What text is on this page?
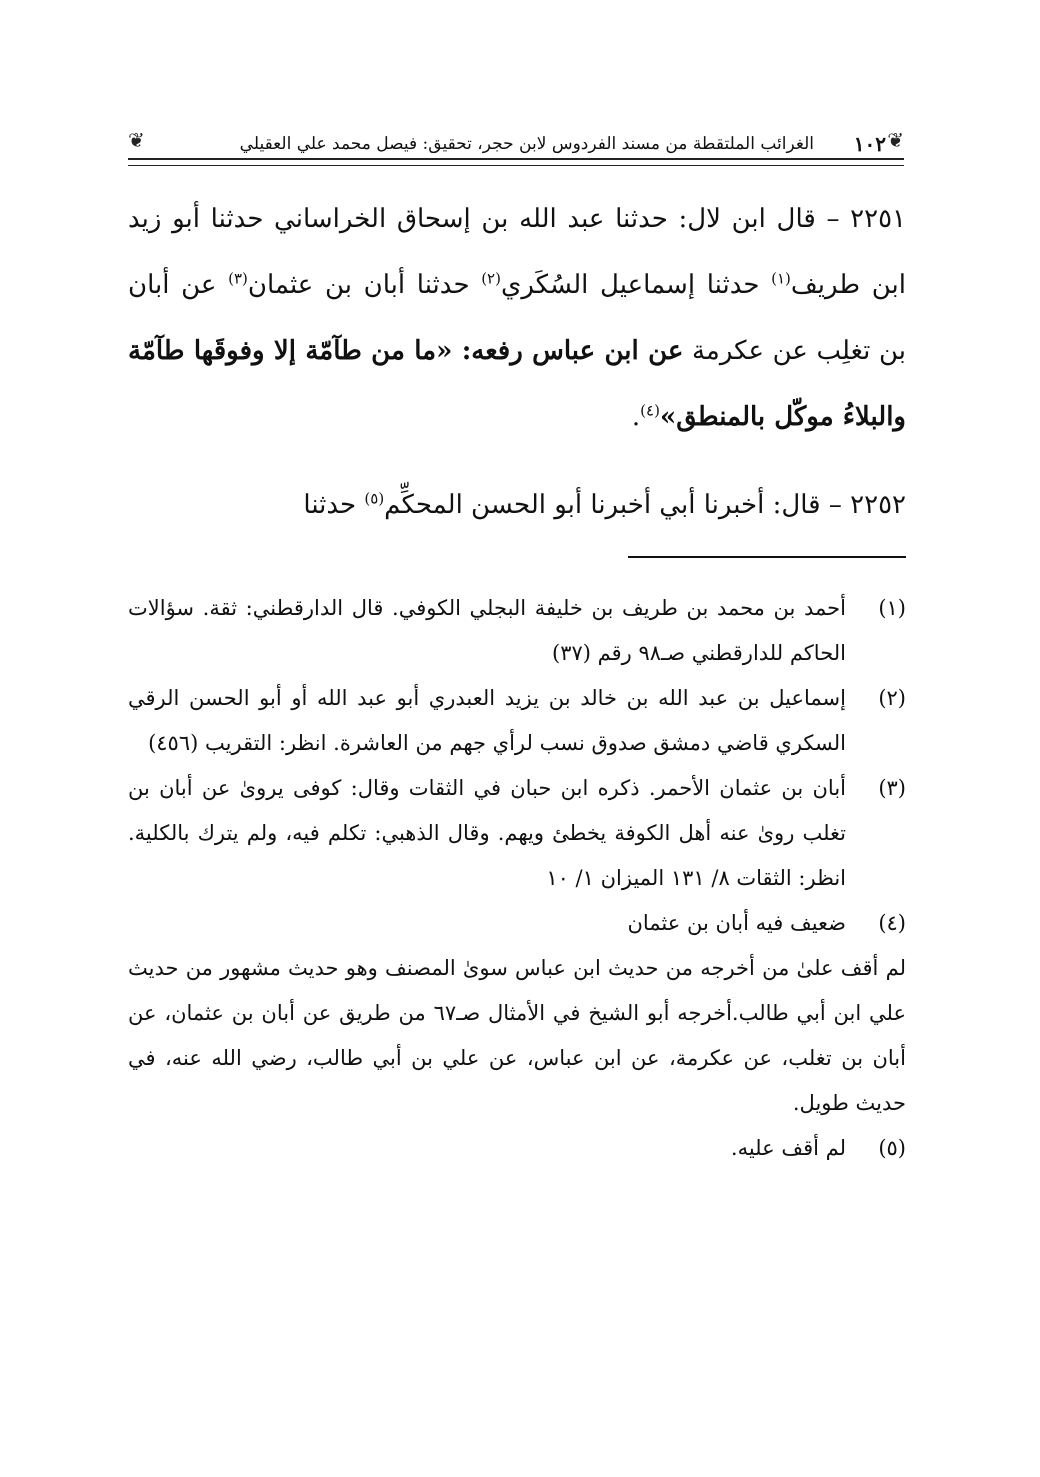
❦
١٠٢
الغرائب الملتقطة من مسند الفردوس لابن حجر، تحقيق: فيصل محمد علي العقيلي
❦

٢٢٥١ – قال ابن لال: حدثنا عبد الله بن إسحاق الخراساني حدثنا أبو زيد ابن طريف$^{(١)}$ حدثنا إسماعيل السُكَري$^{(٢)}$ حدثنا أبان بن عثمان$^{(٣)}$ عن أبان بن تغلِب عن عكرمة عن ابن عباس رفعه: «ما من طآمّة إلا وفوقَها طآمّة والبلاءُ موكّل بالمنطق»$^{(٤)}$.

٢٢٥٢ – قال: أخبرنا أبي أخبرنا أبو الحسن المحكِّم$^{(٥)}$ حدثنا

(١)
أحمد بن محمد بن طريف بن خليفة البجلي الكوفي. قال الدارقطني: ثقة. سؤالات الحاكم للدارقطني صـ٩٨ رقم (٣٧)
(٢)
إسماعيل بن عبد الله بن خالد بن يزيد العبدري أبو عبد الله أو أبو الحسن الرقي السكري قاضي دمشق صدوق نسب لرأي جهم من العاشرة. انظر: التقريب (٤٥٦)
(٣)
أبان بن عثمان الأحمر. ذكره ابن حبان في الثقات وقال: كوفى يروىٰ عن أبان بن تغلب روىٰ عنه أهل الكوفة يخطئ ويهم. وقال الذهبي: تكلم فيه، ولم يترك بالكلية. انظر: الثقات ٨/ ١٣١ الميزان ١/ ١٠
(٤)
ضعيف فيه أبان بن عثمان
لم أقف علىٰ من أخرجه من حديث ابن عباس سوىٰ المصنف وهو حديث مشهور من حديث علي ابن أبي طالب.أخرجه أبو الشيخ في الأمثال صـ٦٧ من طريق عن أبان بن عثمان، عن أبان بن تغلب، عن عكرمة، عن ابن عباس، عن علي بن أبي طالب، رضي الله عنه، في حديث طويل.
(٥)
لم أقف عليه.
